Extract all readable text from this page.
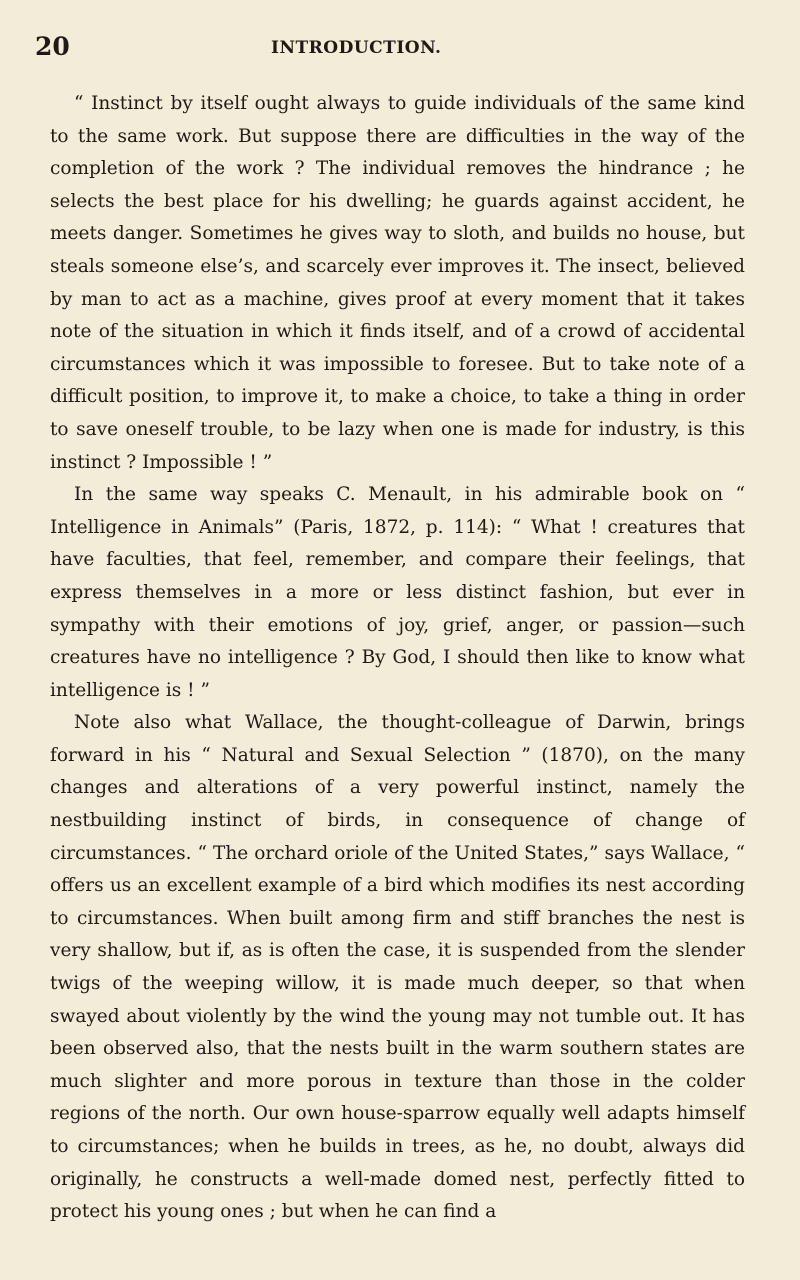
20	INTRODUCTION.

“ Instinct by itself ought always to guide individuals of the same kind to the same work. But suppose there are difficulties in the way of the completion of the work ? The individual removes the hindrance ; he selects the best place for his dwelling; he guards against accident, he meets danger. Sometimes he gives way to sloth, and builds no house, but steals someone else’s, and scarcely ever improves it. The insect, believed by man to act as a machine, gives proof at every moment that it takes note of the situation in which it finds itself, and of a crowd of accidental circumstances which it was impossible to foresee. But to take note of a difficult position, to improve it, to make a choice, to take a thing in order to save oneself trouble, to be lazy when one is made for industry, is this instinct ? Impossible ! ”

In the same way speaks C. Menault, in his admirable book on “ Intelligence in Animals” (Paris, 1872, p. 114): “ What ! creatures that have faculties, that feel, remember, and compare their feelings, that express themselves in a more or less distinct fashion, but ever in sympathy with their emotions of joy, grief, anger, or passion—such creatures have no intelligence ? By God, I should then like to know what intelligence is ! ”

Note also what Wallace, the thought-colleague of Darwin, brings forward in his “ Natural and Sexual Selection ” (1870), on the many changes and alterations of a very powerful instinct, namely the nestbuilding instinct of birds, in consequence of change of circumstances. “ The orchard oriole of the United States,” says Wallace, “ offers us an excellent example of a bird which modifies its nest according to circumstances. When built among firm and stiff branches the nest is very shallow, but if, as is often the case, it is suspended from the slender twigs of the weeping willow, it is made much deeper, so that when swayed about violently by the wind the young may not tumble out. It has been observed also, that the nests built in the warm southern states are much slighter and more porous in texture than those in the colder regions of the north. Our own house-sparrow equally well adapts himself to circumstances; when he builds in trees, as he, no doubt, always did originally, he constructs a well-made domed nest, perfectly fitted to protect his young ones ; but when he can find a
